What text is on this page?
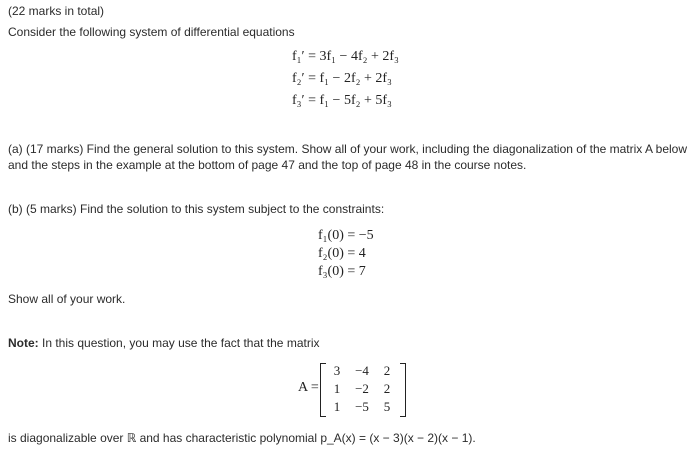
(22 marks in total)
Consider the following system of differential equations
f₁′ = 3f₁ − 4f₂ + 2f₃
f₂′ = f₁ − 2f₂ + 2f₃
f₃′ = f₁ − 5f₂ + 5f₃
(a) (17 marks) Find the general solution to this system. Show all of your work, including the diagonalization of the matrix A below
and the steps in the example at the bottom of page 47 and the top of page 48 in the course notes.
(b) (5 marks) Find the solution to this system subject to the constraints:
f₁(0) = −5
f₂(0) = 4
f₃(0) = 7
Show all of your work.
Note: In this question, you may use the fact that the matrix
A =
3	−4	2
1	−2	2
1	−5	5
is diagonalizable over ℝ and has characteristic polynomial p_A(x) = (x − 3)(x − 2)(x − 1).
